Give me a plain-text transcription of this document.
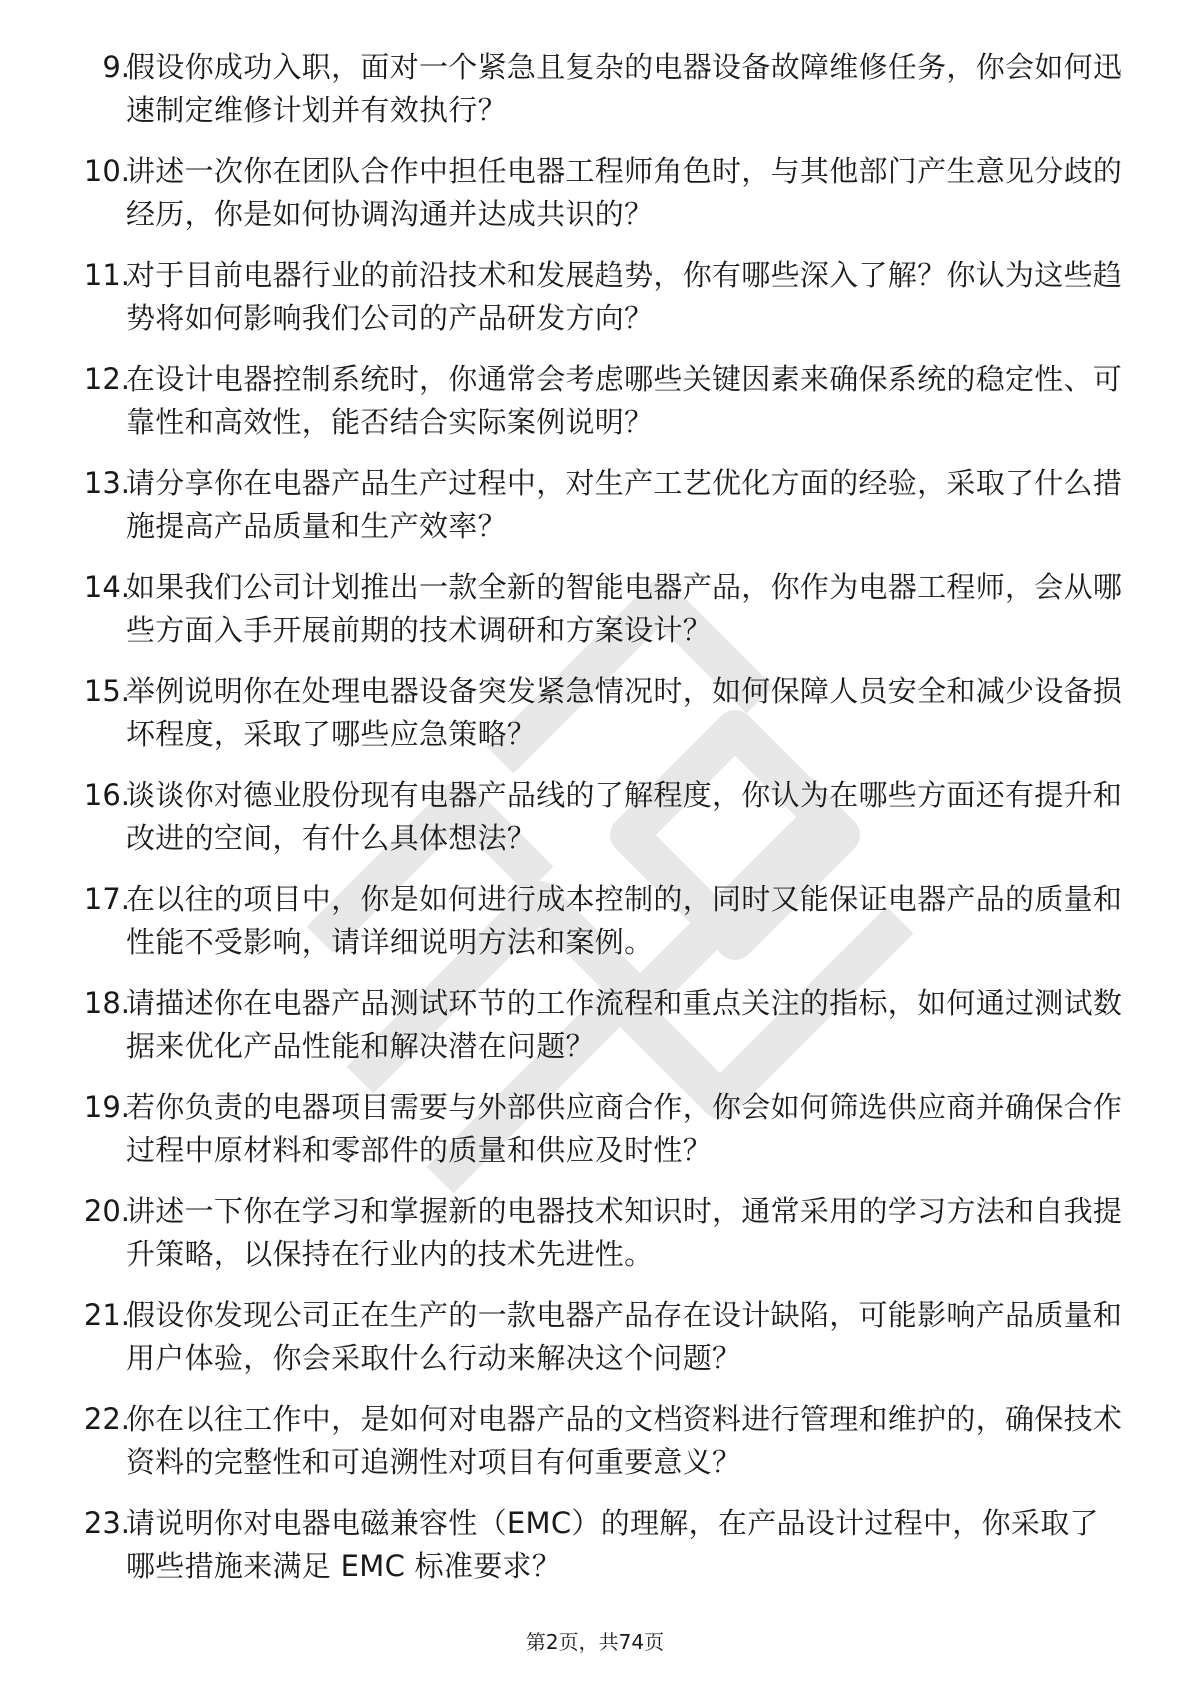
9.
假设你成功入职，面对一个紧急且复杂的电器设备故障维修任务，你会如何迅速制定维修计划并有效执行？
10.
讲述一次你在团队合作中担任电器工程师角色时，与其他部门产生意见分歧的经历，你是如何协调沟通并达成共识的？
11.
对于目前电器行业的前沿技术和发展趋势，你有哪些深入了解？你认为这些趋势将如何影响我们公司的产品研发方向？
12.
在设计电器控制系统时，你通常会考虑哪些关键因素来确保系统的稳定性、可靠性和高效性，能否结合实际案例说明？
13.
请分享你在电器产品生产过程中，对生产工艺优化方面的经验，采取了什么措施提高产品质量和生产效率？
14.
如果我们公司计划推出一款全新的智能电器产品，你作为电器工程师，会从哪些方面入手开展前期的技术调研和方案设计？
15.
举例说明你在处理电器设备突发紧急情况时，如何保障人员安全和减少设备损坏程度，采取了哪些应急策略？
16.
谈谈你对德业股份现有电器产品线的了解程度，你认为在哪些方面还有提升和改进的空间，有什么具体想法？
17.
在以往的项目中，你是如何进行成本控制的，同时又能保证电器产品的质量和性能不受影响，请详细说明方法和案例。
18.
请描述你在电器产品测试环节的工作流程和重点关注的指标，如何通过测试数据来优化产品性能和解决潜在问题？
19.
若你负责的电器项目需要与外部供应商合作，你会如何筛选供应商并确保合作过程中原材料和零部件的质量和供应及时性？
20.
讲述一下你在学习和掌握新的电器技术知识时，通常采用的学习方法和自我提升策略，以保持在行业内的技术先进性。
21.
假设你发现公司正在生产的一款电器产品存在设计缺陷，可能影响产品质量和用户体验，你会采取什么行动来解决这个问题？
22.
你在以往工作中，是如何对电器产品的文档资料进行管理和维护的，确保技术资料的完整性和可追溯性对项目有何重要意义？
23.
请说明你对电器电磁兼容性（EMC）的理解，在产品设计过程中，你采取了哪些措施来满足 EMC 标准要求？
第2页，共74页
